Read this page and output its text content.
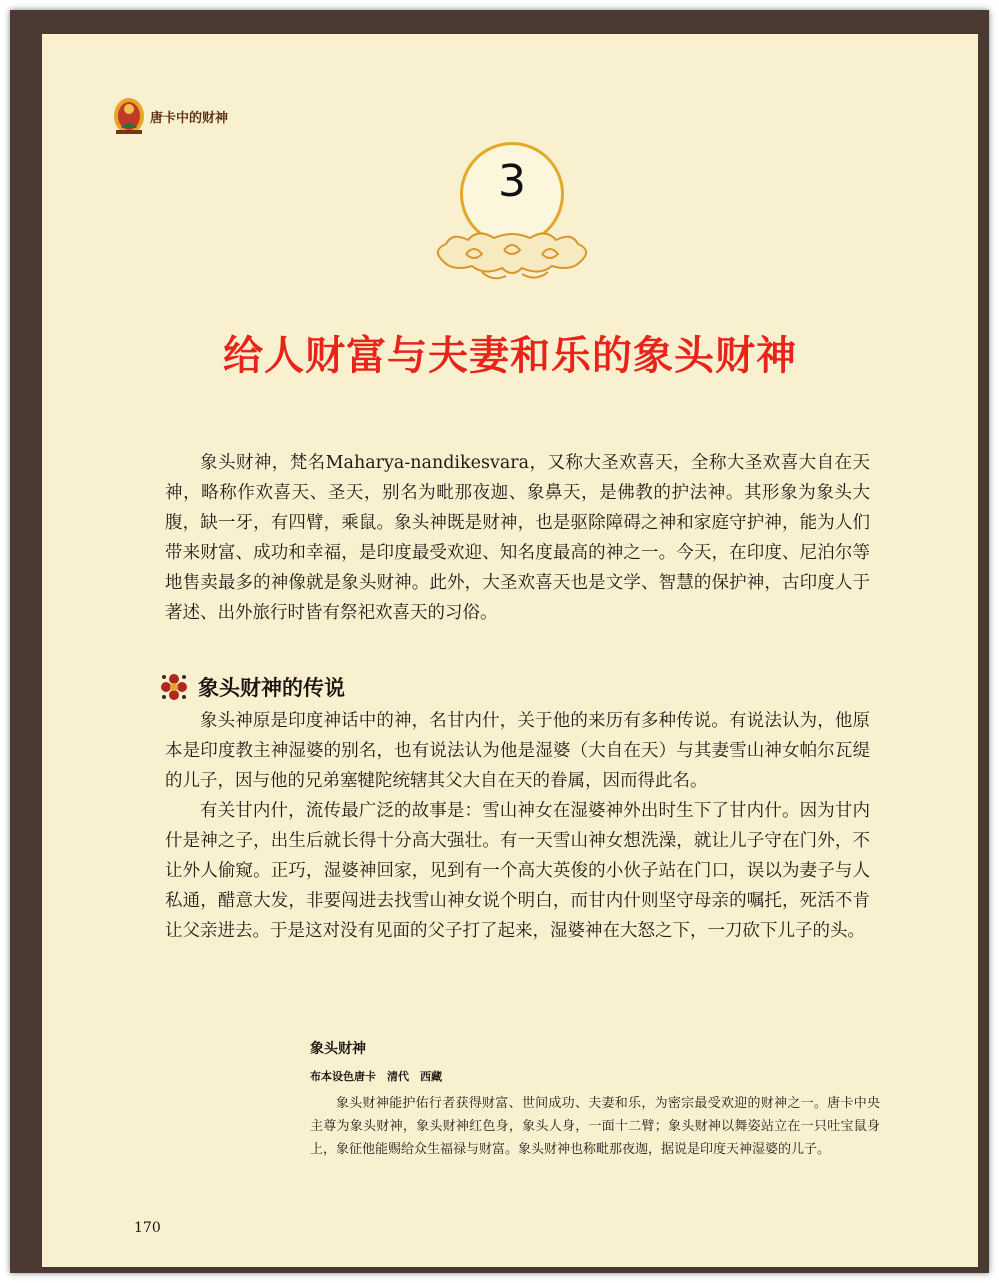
唐卡中的财神
3
给人财富与夫妻和乐的象头财神

象头财神，梵名Maharya-nandikesvara，又称大圣欢喜天，全称大圣欢喜大自在天神，略称作欢喜天、圣天，别名为毗那夜迦、象鼻天，是佛教的护法神。其形象为象头大腹，缺一牙，有四臂，乘鼠。象头神既是财神，也是驱除障碍之神和家庭守护神，能为人们带来财富、成功和幸福，是印度最受欢迎、知名度最高的神之一。今天，在印度、尼泊尔等地售卖最多的神像就是象头财神。此外，大圣欢喜天也是文学、智慧的保护神，古印度人于著述、出外旅行时皆有祭祀欢喜天的习俗。

象头财神的传说

象头神原是印度神话中的神，名甘内什，关于他的来历有多种传说。有说法认为，他原本是印度教主神湿婆的别名，也有说法认为他是湿婆（大自在天）与其妻雪山神女帕尔瓦缇的儿子，因与他的兄弟塞犍陀统辖其父大自在天的眷属，因而得此名。

有关甘内什，流传最广泛的故事是：雪山神女在湿婆神外出时生下了甘内什。因为甘内什是神之子，出生后就长得十分高大强壮。有一天雪山神女想洗澡，就让儿子守在门外，不让外人偷窥。正巧，湿婆神回家，见到有一个高大英俊的小伙子站在门口，误以为妻子与人私通，醋意大发，非要闯进去找雪山神女说个明白，而甘内什则坚守母亲的嘱托，死活不肯让父亲进去。于是这对没有见面的父子打了起来，湿婆神在大怒之下，一刀砍下儿子的头。

象头财神
布本设色唐卡　清代　西藏

象头财神能护佑行者获得财富、世间成功、夫妻和乐，为密宗最受欢迎的财神之一。唐卡中央主尊为象头财神，象头财神红色身，象头人身，一面十二臂；象头财神以舞姿站立在一只吐宝鼠身上，象征他能赐给众生福禄与财富。象头财神也称毗那夜迦，据说是印度天神湿婆的儿子。

170
